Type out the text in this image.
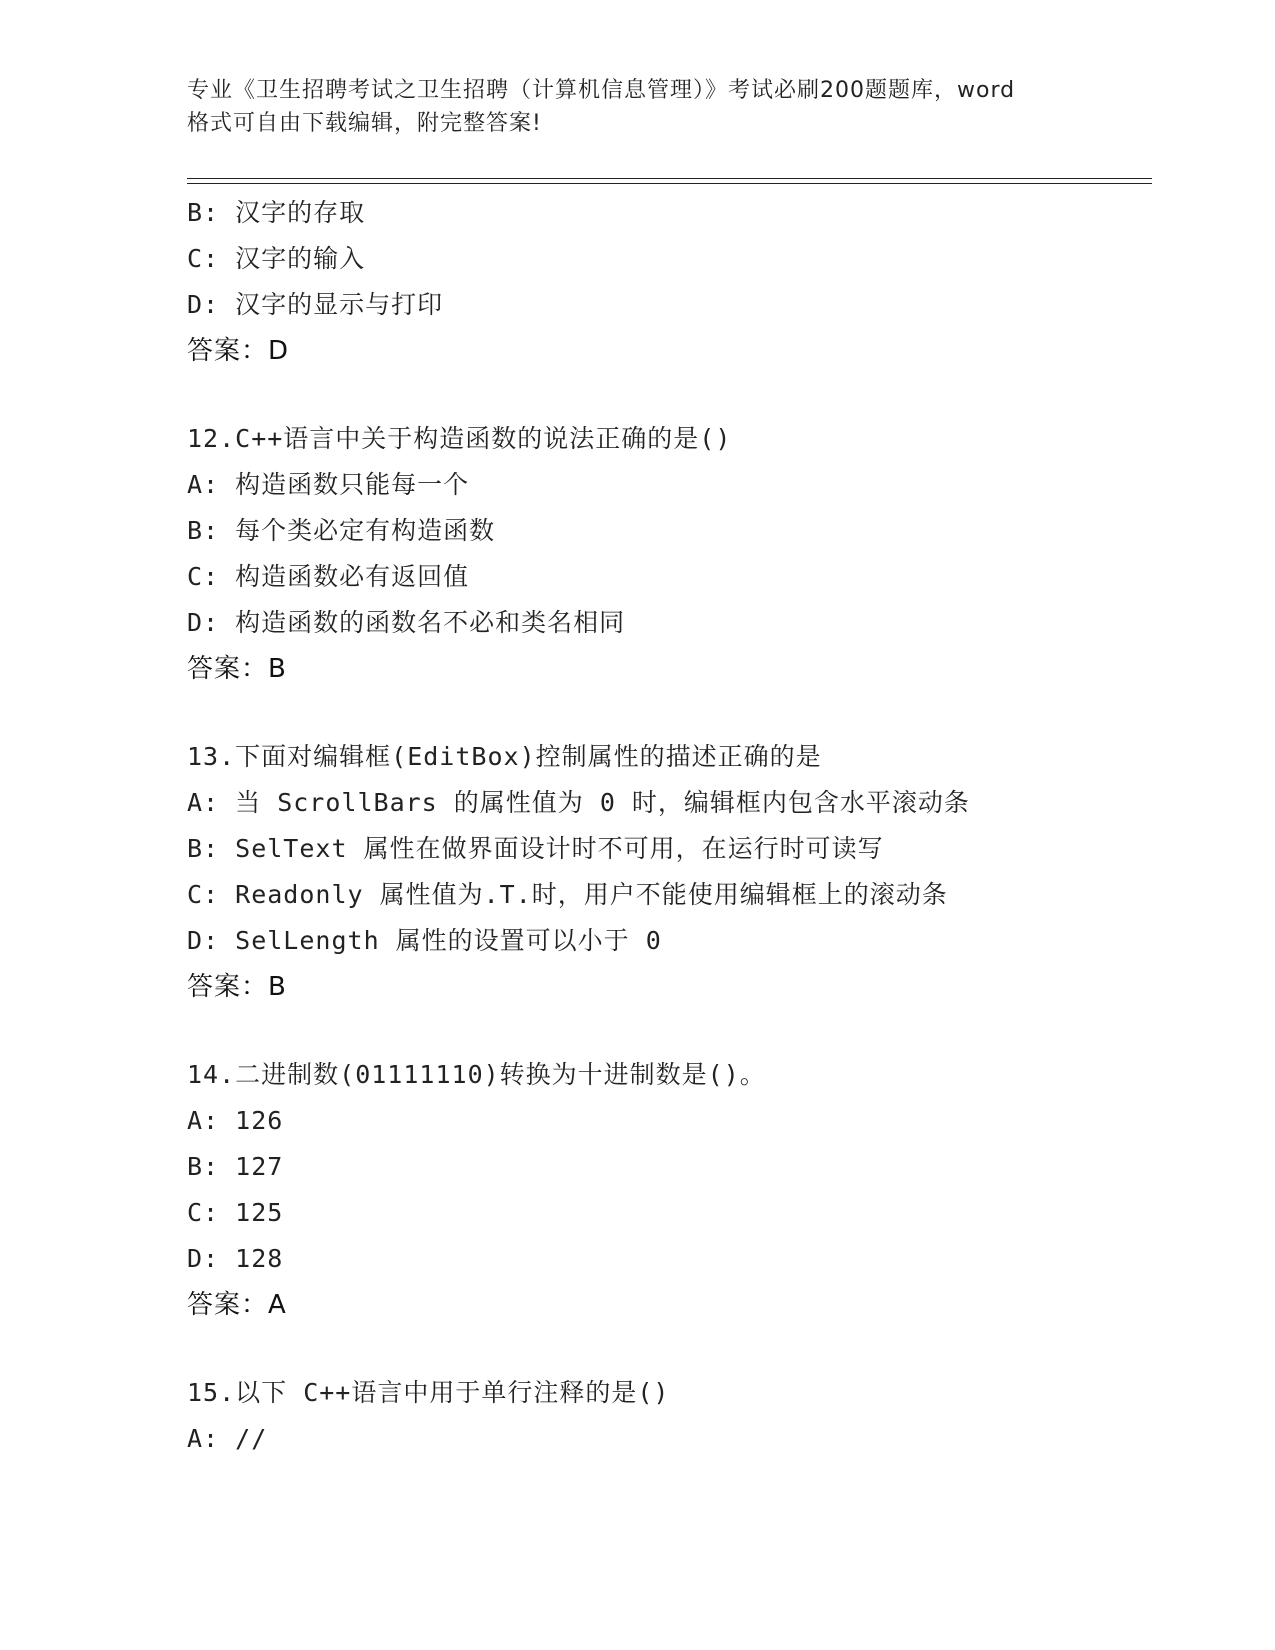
专业《卫生招聘考试之卫生招聘（计算机信息管理）》考试必刷200题题库，word
格式可自由下载编辑，附完整答案!
B: 汉字的存取
C: 汉字的输入
D: 汉字的显示与打印
答案：D
12.C++语言中关于构造函数的说法正确的是()
A: 构造函数只能每一个
B: 每个类必定有构造函数
C: 构造函数必有返回值
D: 构造函数的函数名不必和类名相同
答案：B
13.下面对编辑框(EditBox)控制属性的描述正确的是
A: 当 ScrollBars 的属性值为 0 时，编辑框内包含水平滚动条
B: SelText 属性在做界面设计时不可用，在运行时可读写
C: Readonly 属性值为.T.时，用户不能使用编辑框上的滚动条
D: SelLength 属性的设置可以小于 0
答案：B
14.二进制数(01111110)转换为十进制数是()。
A: 126
B: 127
C: 125
D: 128
答案：A
15.以下 C++语言中用于单行注释的是()
A: //
